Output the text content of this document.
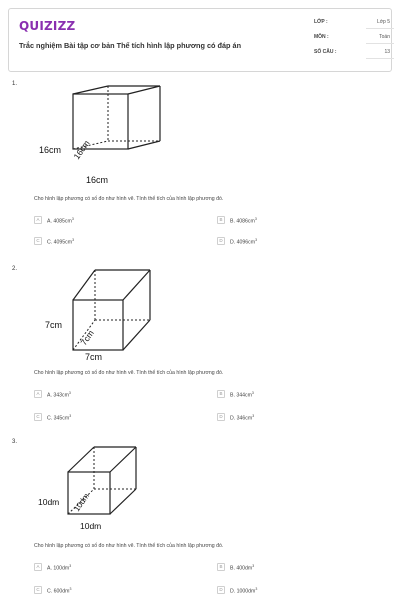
QUIZIZZ
Trắc nghiệm Bài tập cơ bản Thể tích hình lập phương có đáp án
LỚP :	Lớp 5
MÔN :	Toán
SỐ CÂU :	13
1.
16cm 16cm
16cm
Cho hình lập phương có số đo như hình vẽ. Tính thể tích của hình lập phương đó.
A	A. $4085cm^3$	B	B. $4086cm^3$
C	C. $4095cm^3$	D	D. $4096cm^3$
2.
7cm
7cm
7cm
Cho hình lập phương có số đo như hình vẽ. Tính thể tích của hình lập phương đó.
A	A. $343cm^3$	B	B. $344cm^3$
C	C. $345cm^3$	D	D. $346cm^3$
3.
10dm 10dm
10dm
Cho hình lập phương có số đo như hình vẽ. Tính thể tích của hình lập phương đó.
A	A. $100dm^3$	B	B. $400dm^3$
C	C. $600dm^3$	D	D. $1000dm^3$
